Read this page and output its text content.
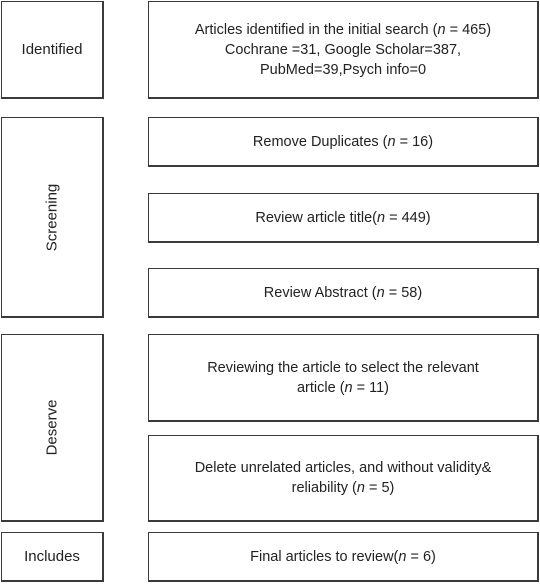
Identified
Screening
Deserve
Includes
Articles identified in the initial search (n = 465)
Cochrane =31, Google Scholar=387,
PubMed=39,Psych info=0
Remove Duplicates (n = 16)
Review article title(n = 449)
Review Abstract (n = 58)
Reviewing the article to select the relevant
article (n = 11)
Delete unrelated articles, and without validity&
reliability (n = 5)
Final articles to review(n = 6)
